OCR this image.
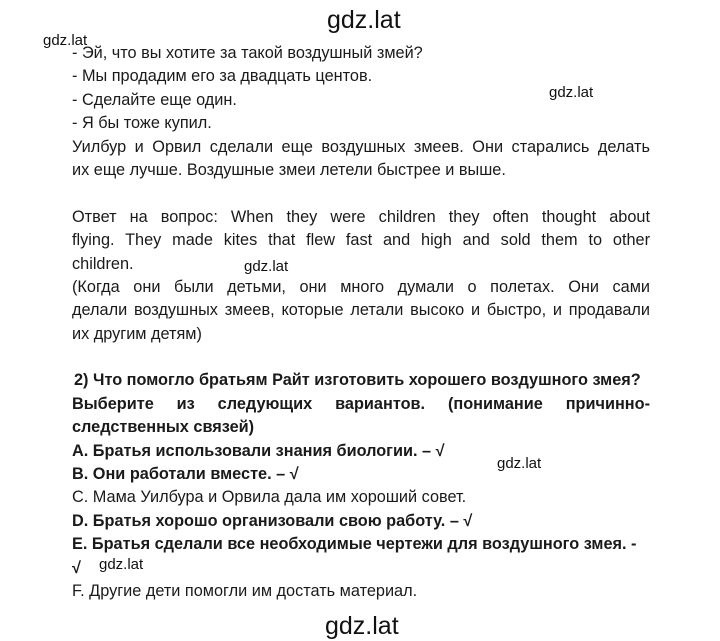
gdz.lat
gdz.lat
gdz.lat
gdz.lat
gdz.lat
gdz.lat
gdz.lat
- Эй, что вы хотите за такой воздушный змей?
- Мы продадим его за двадцать центов.
- Сделайте еще один.
- Я бы тоже купил.
Уилбур и Орвил сделали еще воздушных змеев. Они старались делать
их еще лучше. Воздушные змеи летели быстрее и выше.
Ответ на вопрос: When they were children they often thought about
flying. They made kites that flew fast and high and sold them to other
children.
(Когда они были детьми, они много думали о полетах. Они сами
делали воздушных змеев, которые летали высоко и быстро, и продавали
их другим детям)
2) Что помогло братьям Райт изготовить хорошего воздушного змея?
Выберите из следующих вариантов. (понимание причинно-
следственных связей)
A. Братья использовали знания биологии. – √
B. Они работали вместе. – √
C. Мама Уилбура и Орвила дала им хороший совет.
D. Братья хорошо организовали свою работу. – √
E. Братья сделали все необходимые чертежи для воздушного змея. -
√
F. Другие дети помогли им достать материал.
